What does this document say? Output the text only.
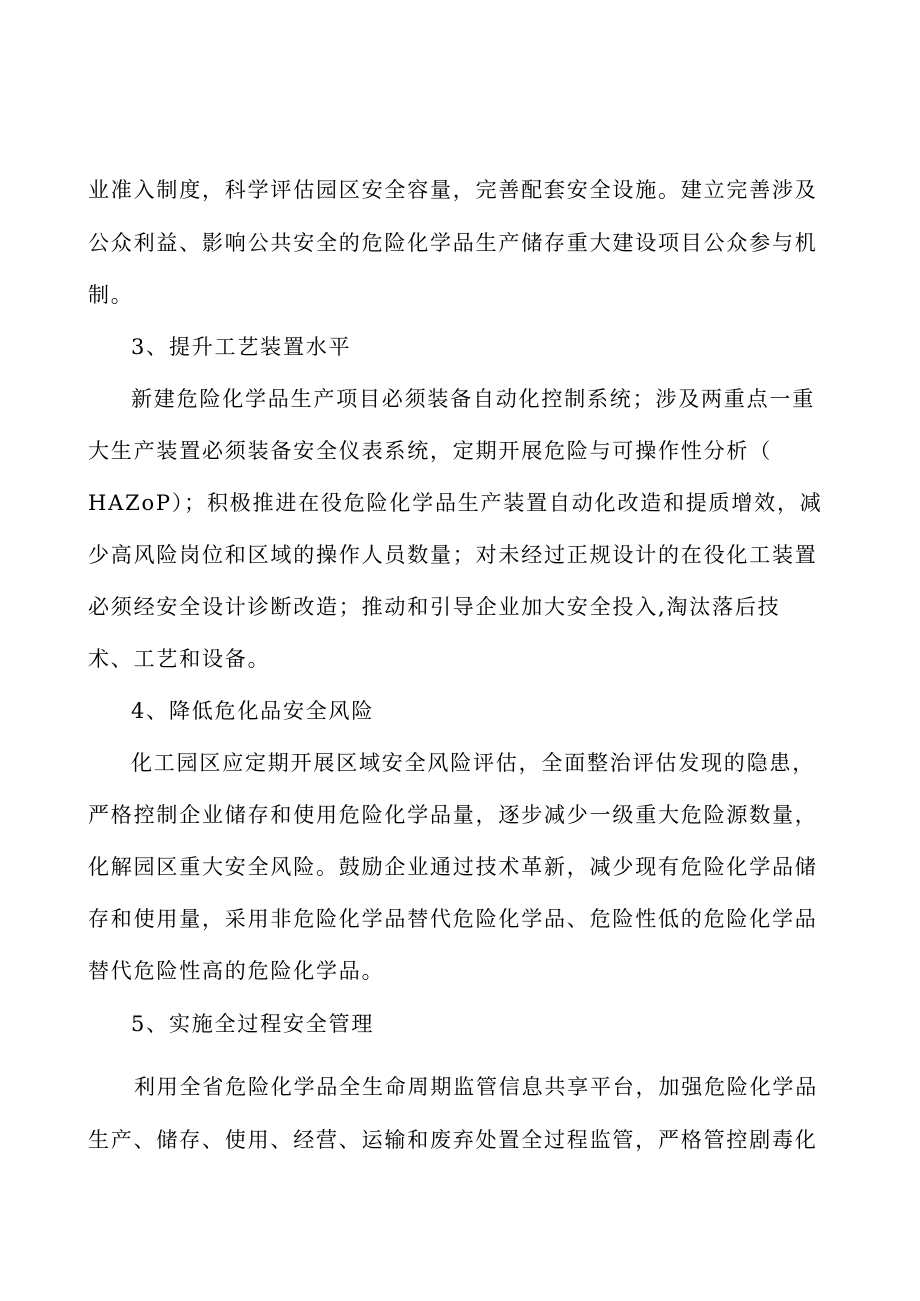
业准入制度，科学评估园区安全容量，完善配套安全设施。建立完善涉及
公众利益、影响公共安全的危险化学品生产储存重大建设项目公众参与机
制。
3、提升工艺装置水平
新建危险化学品生产项目必须装备自动化控制系统；涉及两重点一重
大生产装置必须装备安全仪表系统，定期开展危险与可操作性分析（
HAZoP）；积极推进在役危险化学品生产装置自动化改造和提质增效，减
少高风险岗位和区域的操作人员数量；对未经过正规设计的在役化工装置
必须经安全设计诊断改造；推动和引导企业加大安全投入,淘汰落后技
术、工艺和设备。
4、降低危化品安全风险
化工园区应定期开展区域安全风险评估，全面整治评估发现的隐患，
严格控制企业储存和使用危险化学品量，逐步减少一级重大危险源数量，
化解园区重大安全风险。鼓励企业通过技术革新，减少现有危险化学品储
存和使用量，采用非危险化学品替代危险化学品、危险性低的危险化学品
替代危险性高的危险化学品。
5、实施全过程安全管理
利用全省危险化学品全生命周期监管信息共享平台，加强危险化学品
生产、储存、使用、经营、运输和废弃处置全过程监管，严格管控剧毒化
